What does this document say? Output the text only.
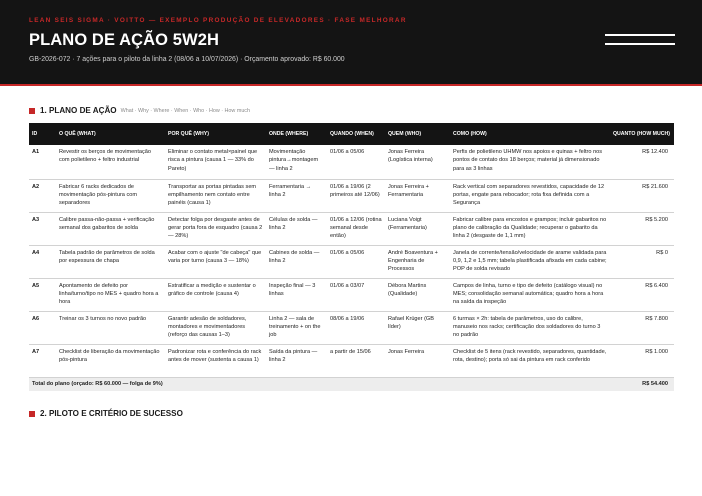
LEAN SEIS SIGMA · VOITTO — EXEMPLO PRODUÇÃO DE ELEVADORES · FASE MELHORAR
PLANO DE AÇÃO 5W2H
GB-2026-072 · 7 ações para o piloto da linha 2 (08/06 a 10/07/2026) · Orçamento aprovado: R$ 60.000
1. PLANO DE AÇÃO What · Why · Where · When · Who · How · How much
ID	O QUÊ (WHAT)	POR QUÊ (WHY)	ONDE (WHERE)	QUANDO (WHEN)	QUEM (WHO)	COMO (HOW)	QUANTO (HOW MUCH)
A1	Revestir os berços de movimentação com polietileno + feltro industrial	Eliminar o contato metal×painel que risca a pintura (causa 1 — 33% do Pareto)	Movimentação pintura→montagem — linha 2	01/06 a 05/06	Jonas Ferreira (Logística interna)	Perfis de polietileno UHMW nos apoios e quinas + feltro nos pontos de contato dos 18 berços; material já dimensionado para as 3 linhas	R$ 12.400
A2	Fabricar 6 racks dedicados de movimentação pós-pintura com separadores	Transportar as portas pintadas sem empilhamento nem contato entre painéis (causa 1)	Ferramentaria → linha 2	01/06 a 19/06 (2 primeiros até 12/06)	Jonas Ferreira + Ferramentaria	Rack vertical com separadores revestidos, capacidade de 12 portas, engate para rebocador; rota fixa definida com a Segurança	R$ 21.600
A3	Calibre passa-não-passa + verificação semanal dos gabaritos de solda	Detectar folga por desgaste antes de gerar porta fora de esquadro (causa 2 — 28%)	Células de solda — linha 2	01/06 a 12/06 (rotina semanal desde então)	Luciana Voigt (Ferramentaria)	Fabricar calibre para encostos e grampos; incluir gabaritos no plano de calibração da Qualidade; recuperar o gabarito da linha 2 (desgaste de 1,1 mm)	R$ 5.200
A4	Tabela padrão de parâmetros de solda por espessura de chapa	Acabar com o ajuste "de cabeça" que varia por turno (causa 3 — 18%)	Cabines de solda — linha 2	01/06 a 05/06	André Boaventura + Engenharia de Processos	Janela de corrente/tensão/velocidade de arame validada para 0,9, 1,2 e 1,5 mm; tabela plastificada afixada em cada cabine; POP de solda revisado	R$ 0
A5	Apontamento de defeito por linha/turno/tipo no MES + quadro hora a hora	Estratificar a medição e sustentar o gráfico de controle (causa 4)	Inspeção final — 3 linhas	01/06 a 03/07	Débora Martins (Qualidade)	Campos de linha, turno e tipo de defeito (catálogo visual) no MES; consolidação semanal automática; quadro hora a hora na saída da inspeção	R$ 6.400
A6	Treinar os 3 turnos no novo padrão	Garantir adesão de soldadores, montadores e movimentadores (reforço das causas 1–3)	Linha 2 — sala de treinamento + on the job	08/06 a 19/06	Rafael Krüger (GB líder)	6 turmas × 2h: tabela de parâmetros, uso do calibre, manuseio nos racks; certificação dos soldadores do turno 3 no padrão	R$ 7.800
A7	Checklist de liberação da movimentação pós-pintura	Padronizar rota e conferência do rack antes de mover (sustenta a causa 1)	Saída da pintura — linha 2	a partir de 15/06	Jonas Ferreira	Checklist de 5 itens (rack revestido, separadores, quantidade, rota, destino); porta só sai da pintura em rack conferido	R$ 1.000
Total do plano (orçado: R$ 60.000 — folga de 9%)							R$ 54.400
2. PILOTO E CRITÉRIO DE SUCESSO
